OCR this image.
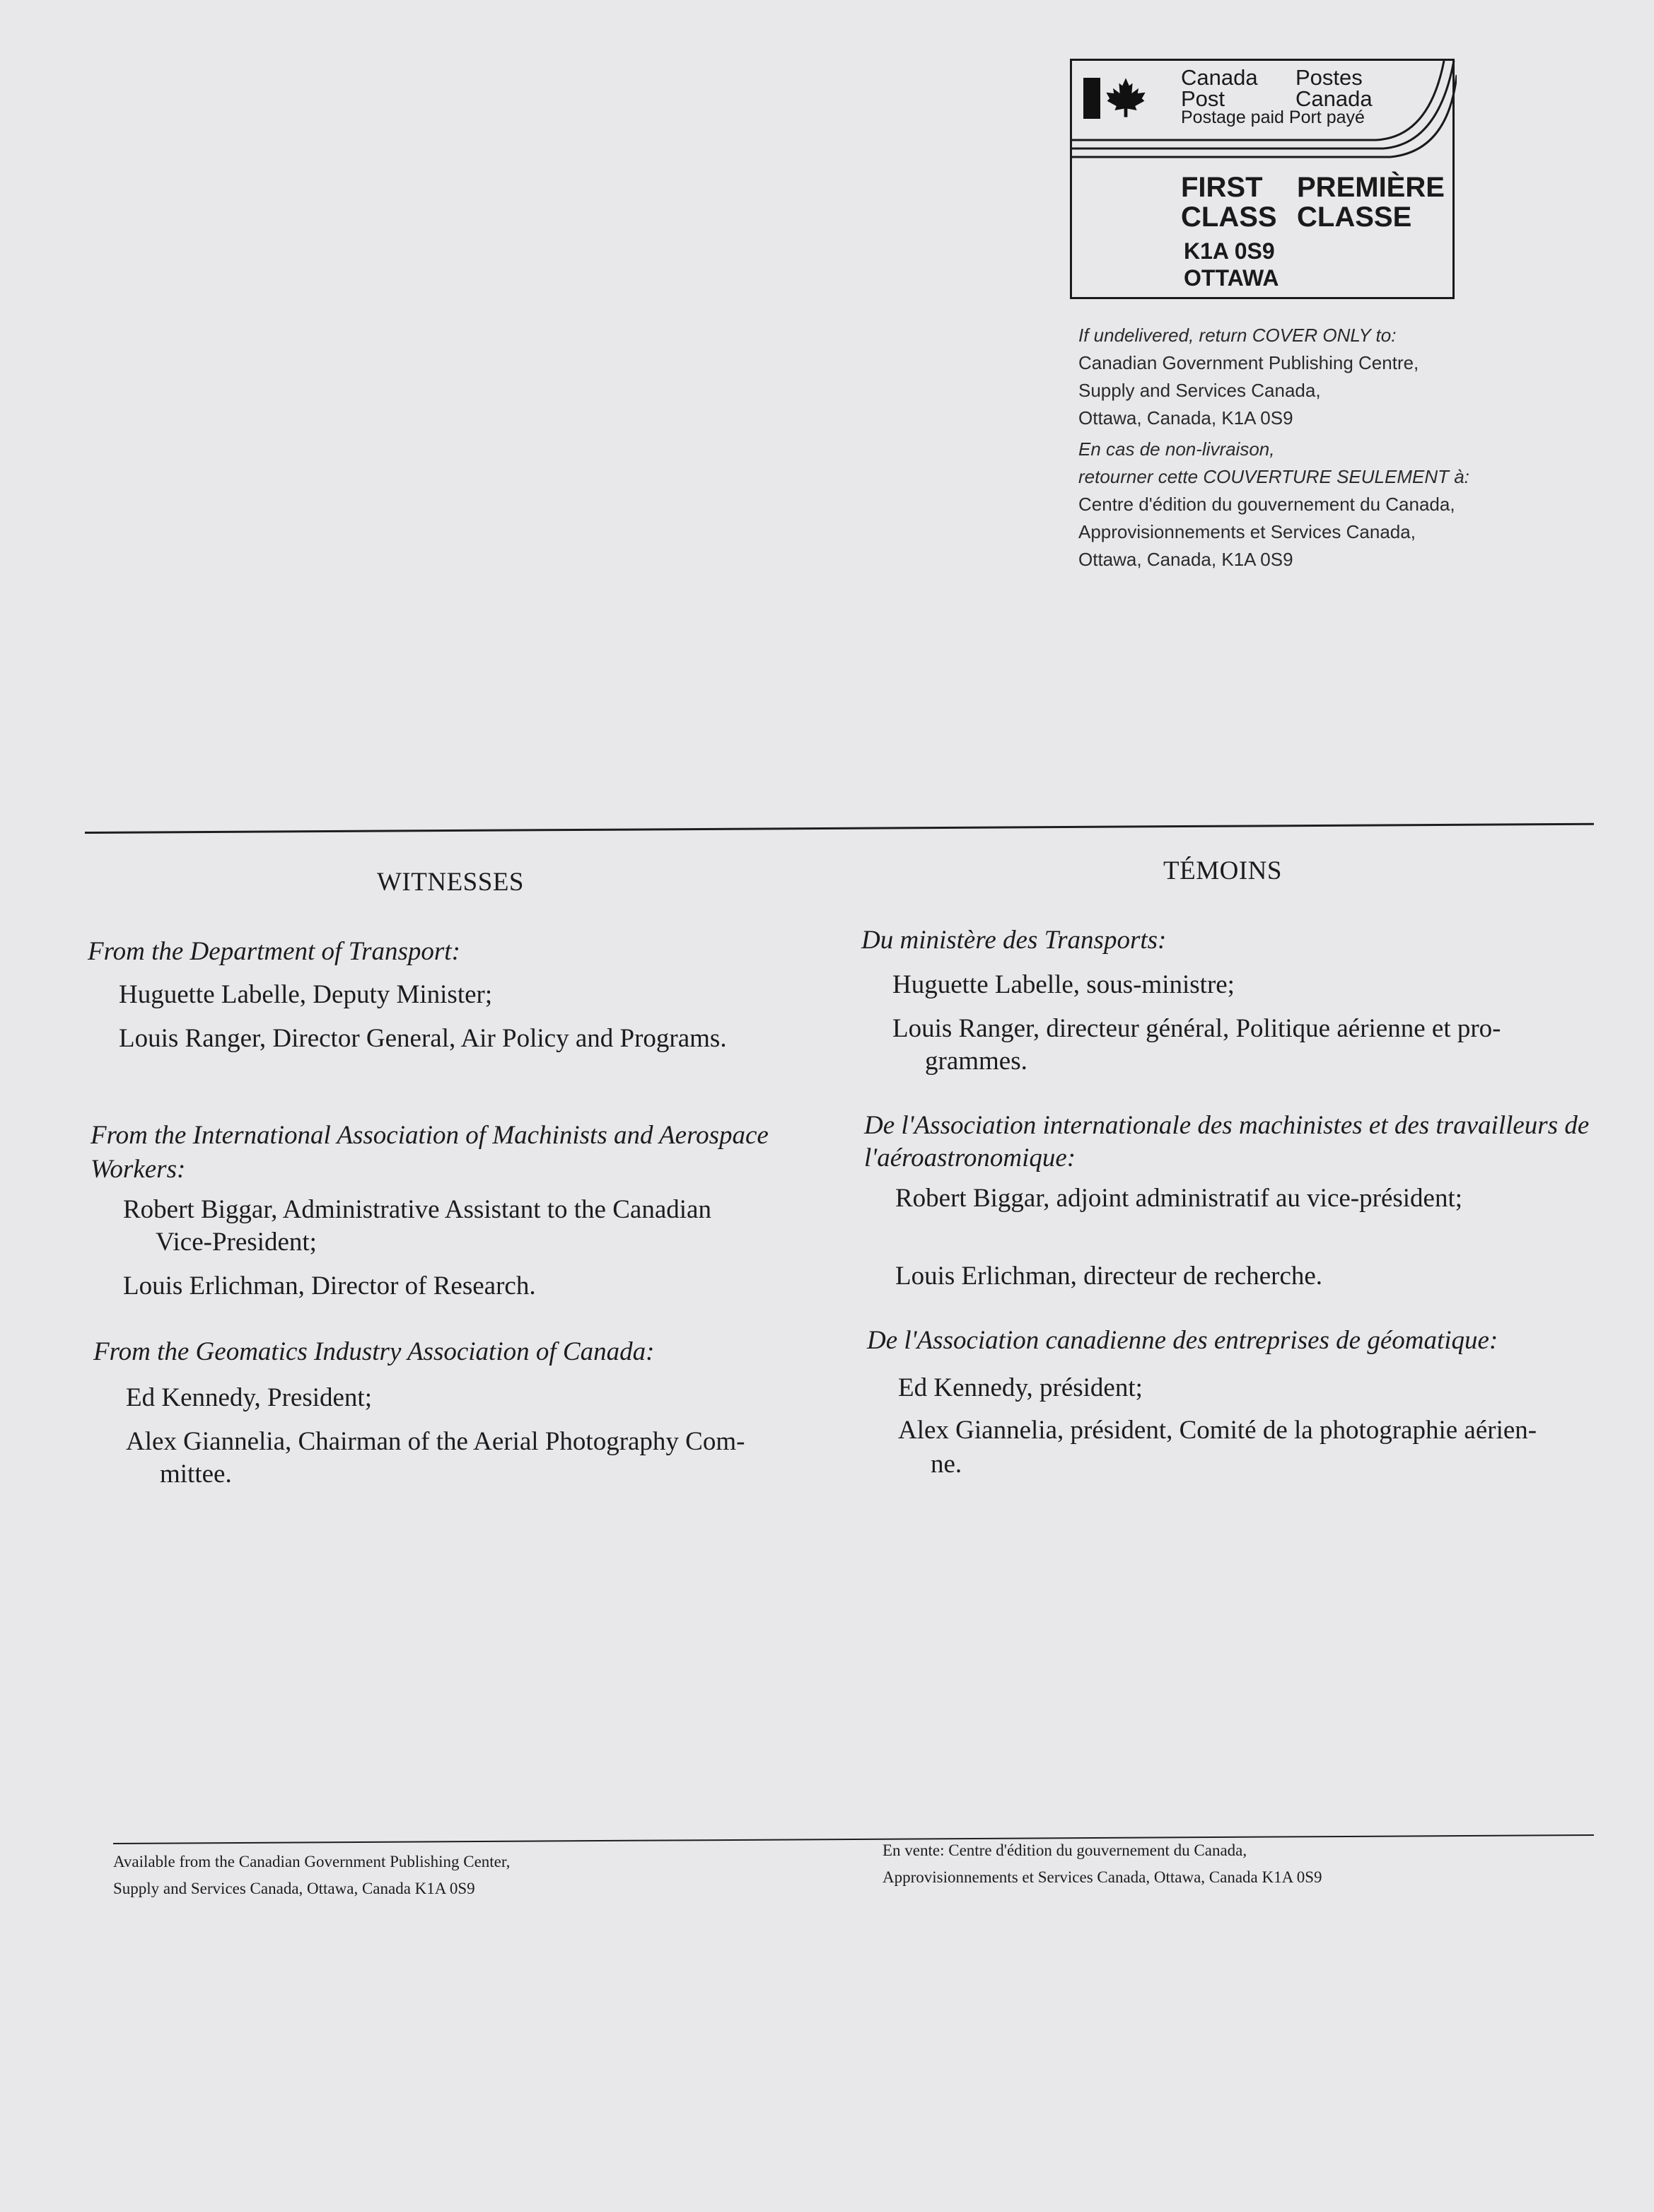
Canada
Post
Postes
Canada
Postage paid Port payé
FIRST PREMIÈRE
CLASS CLASSE
K1A 0S9
OTTAWA

If undelivered, return COVER ONLY to:

Canadian Government Publishing Centre,

Supply and Services Canada,

Ottawa, Canada, K1A 0S9

En cas de non-livraison,

retourner cette COUVERTURE SEULEMENT à:

Centre d'édition du gouvernement du Canada,

Approvisionnements et Services Canada,

Ottawa, Canada, K1A 0S9

WITNESSES
From the Department of Transport:
Huguette Labelle, Deputy Minister;
Louis Ranger, Director General, Air Policy and Programs.
From the International Association of Machinists and Aerospace
Workers:
Robert Biggar, Administrative Assistant to the Canadian
Vice-President;
Louis Erlichman, Director of Research.
From the Geomatics Industry Association of Canada:
Ed Kennedy, President;
Alex Giannelia, Chairman of the Aerial Photography Com-
mittee.
TÉMOINS
Du ministère des Transports:
Huguette Labelle, sous-ministre;
Louis Ranger, directeur général, Politique aérienne et pro-
grammes.
De l'Association internationale des machinistes et des travailleurs de
l'aéroastronomique:
Robert Biggar, adjoint administratif au vice-président;
Louis Erlichman, directeur de recherche.
De l'Association canadienne des entreprises de géomatique:
Ed Kennedy, président;
Alex Giannelia, président, Comité de la photographie aérien-
ne.
Available from the Canadian Government Publishing Center,
Supply and Services Canada, Ottawa, Canada K1A 0S9
En vente: Centre d'édition du gouvernement du Canada,
Approvisionnements et Services Canada, Ottawa, Canada K1A 0S9
